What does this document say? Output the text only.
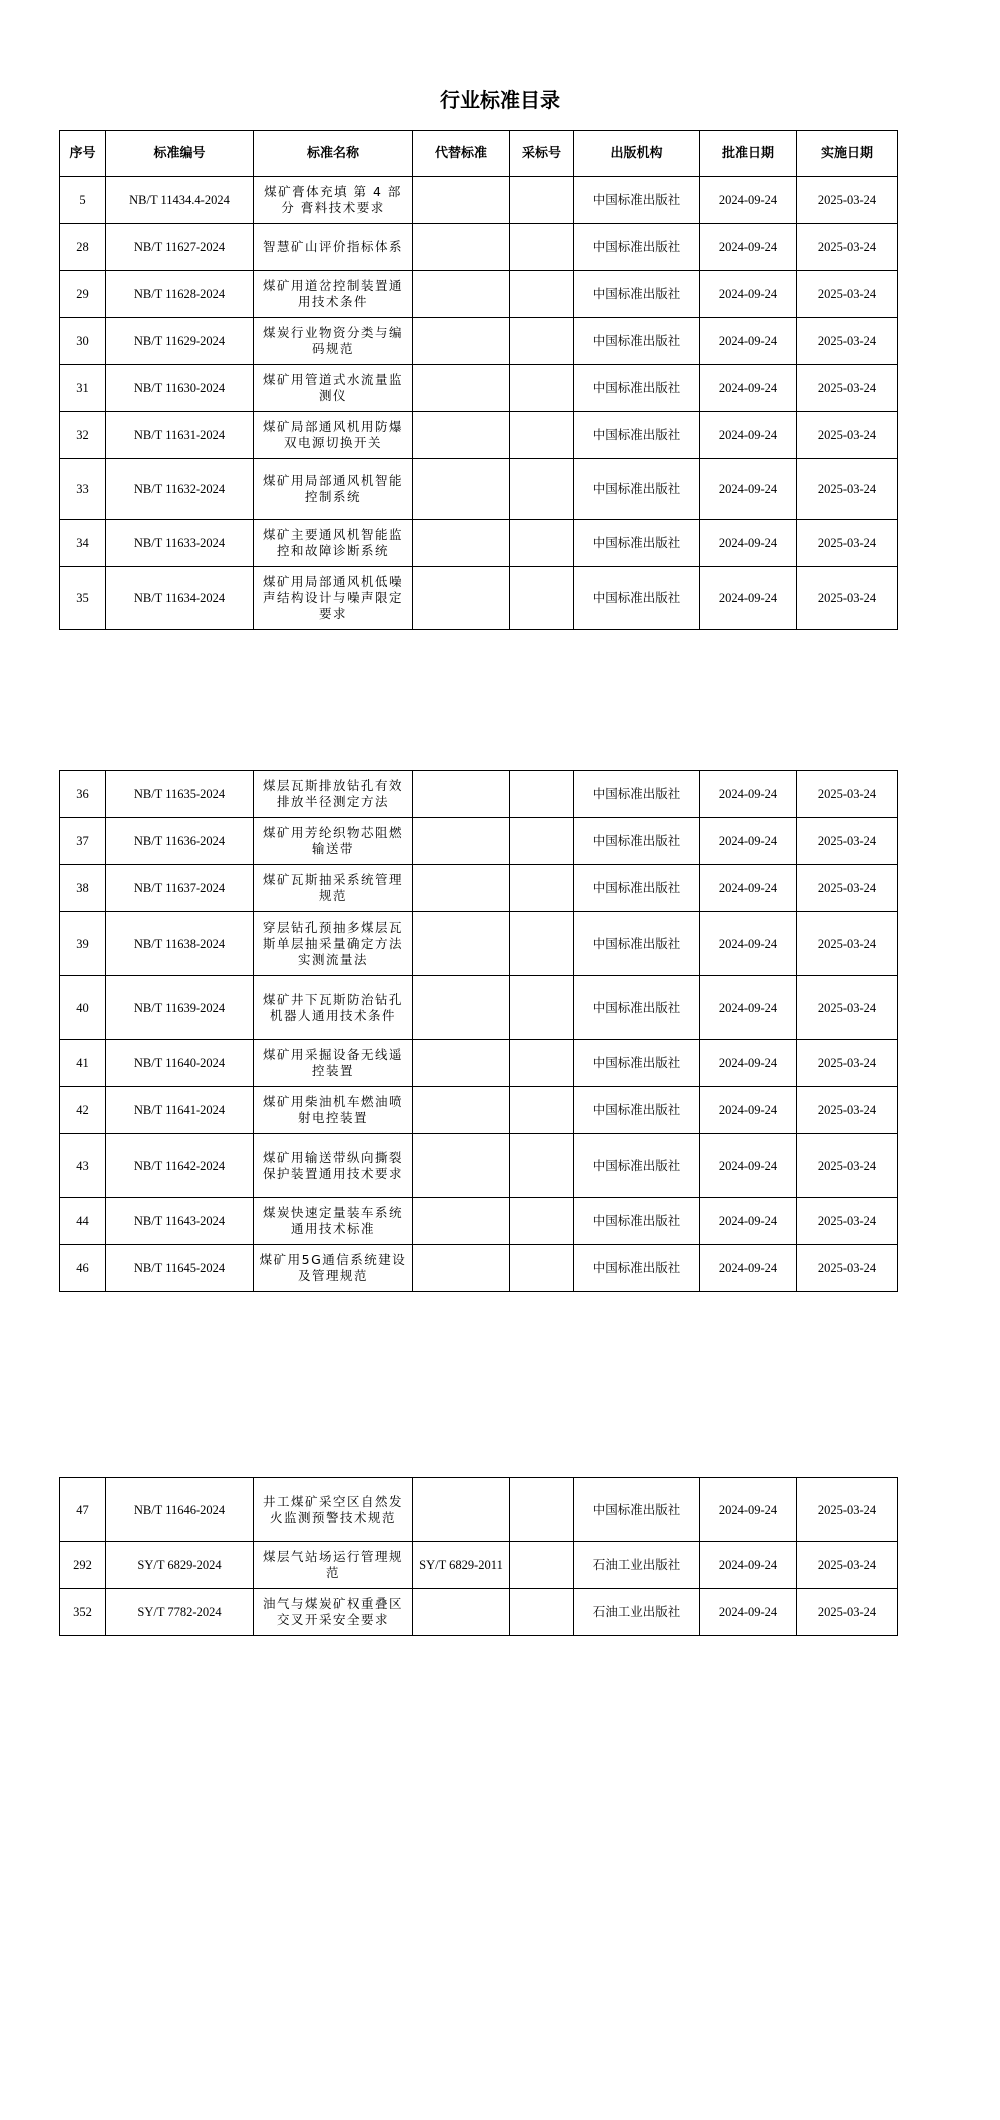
行业标准目录
序号	标准编号	标准名称	代替标准	采标号	出版机构	批准日期	实施日期
5	NB/T 11434.4-2024	煤矿膏体充填 第 4 部分 膏料技术要求			中国标准出版社	2024-09-24	2025-03-24
28	NB/T 11627-2024	智慧矿山评价指标体系			中国标准出版社	2024-09-24	2025-03-24
29	NB/T 11628-2024	煤矿用道岔控制装置通用技术条件			中国标准出版社	2024-09-24	2025-03-24
30	NB/T 11629-2024	煤炭行业物资分类与编码规范			中国标准出版社	2024-09-24	2025-03-24
31	NB/T 11630-2024	煤矿用管道式水流量监测仪			中国标准出版社	2024-09-24	2025-03-24
32	NB/T 11631-2024	煤矿局部通风机用防爆双电源切换开关			中国标准出版社	2024-09-24	2025-03-24
33	NB/T 11632-2024	煤矿用局部通风机智能控制系统			中国标准出版社	2024-09-24	2025-03-24
34	NB/T 11633-2024	煤矿主要通风机智能监控和故障诊断系统			中国标准出版社	2024-09-24	2025-03-24
35	NB/T 11634-2024	煤矿用局部通风机低噪声结构设计与噪声限定要求			中国标准出版社	2024-09-24	2025-03-24
36	NB/T 11635-2024	煤层瓦斯排放钻孔有效排放半径测定方法			中国标准出版社	2024-09-24	2025-03-24
37	NB/T 11636-2024	煤矿用芳纶织物芯阻燃输送带			中国标准出版社	2024-09-24	2025-03-24
38	NB/T 11637-2024	煤矿瓦斯抽采系统管理规范			中国标准出版社	2024-09-24	2025-03-24
39	NB/T 11638-2024	穿层钻孔预抽多煤层瓦斯单层抽采量确定方法 实测流量法			中国标准出版社	2024-09-24	2025-03-24
40	NB/T 11639-2024	煤矿井下瓦斯防治钻孔机器人通用技术条件			中国标准出版社	2024-09-24	2025-03-24
41	NB/T 11640-2024	煤矿用采掘设备无线遥控装置			中国标准出版社	2024-09-24	2025-03-24
42	NB/T 11641-2024	煤矿用柴油机车燃油喷射电控装置			中国标准出版社	2024-09-24	2025-03-24
43	NB/T 11642-2024	煤矿用输送带纵向撕裂保护装置通用技术要求			中国标准出版社	2024-09-24	2025-03-24
44	NB/T 11643-2024	煤炭快速定量装车系统通用技术标准			中国标准出版社	2024-09-24	2025-03-24
46	NB/T 11645-2024	煤矿用5G通信系统建设及管理规范			中国标准出版社	2024-09-24	2025-03-24
47	NB/T 11646-2024	井工煤矿采空区自然发火监测预警技术规范			中国标准出版社	2024-09-24	2025-03-24
292	SY/T 6829-2024	煤层气站场运行管理规范	SY/T 6829-2011		石油工业出版社	2024-09-24	2025-03-24
352	SY/T 7782-2024	油气与煤炭矿权重叠区交叉开采安全要求			石油工业出版社	2024-09-24	2025-03-24
